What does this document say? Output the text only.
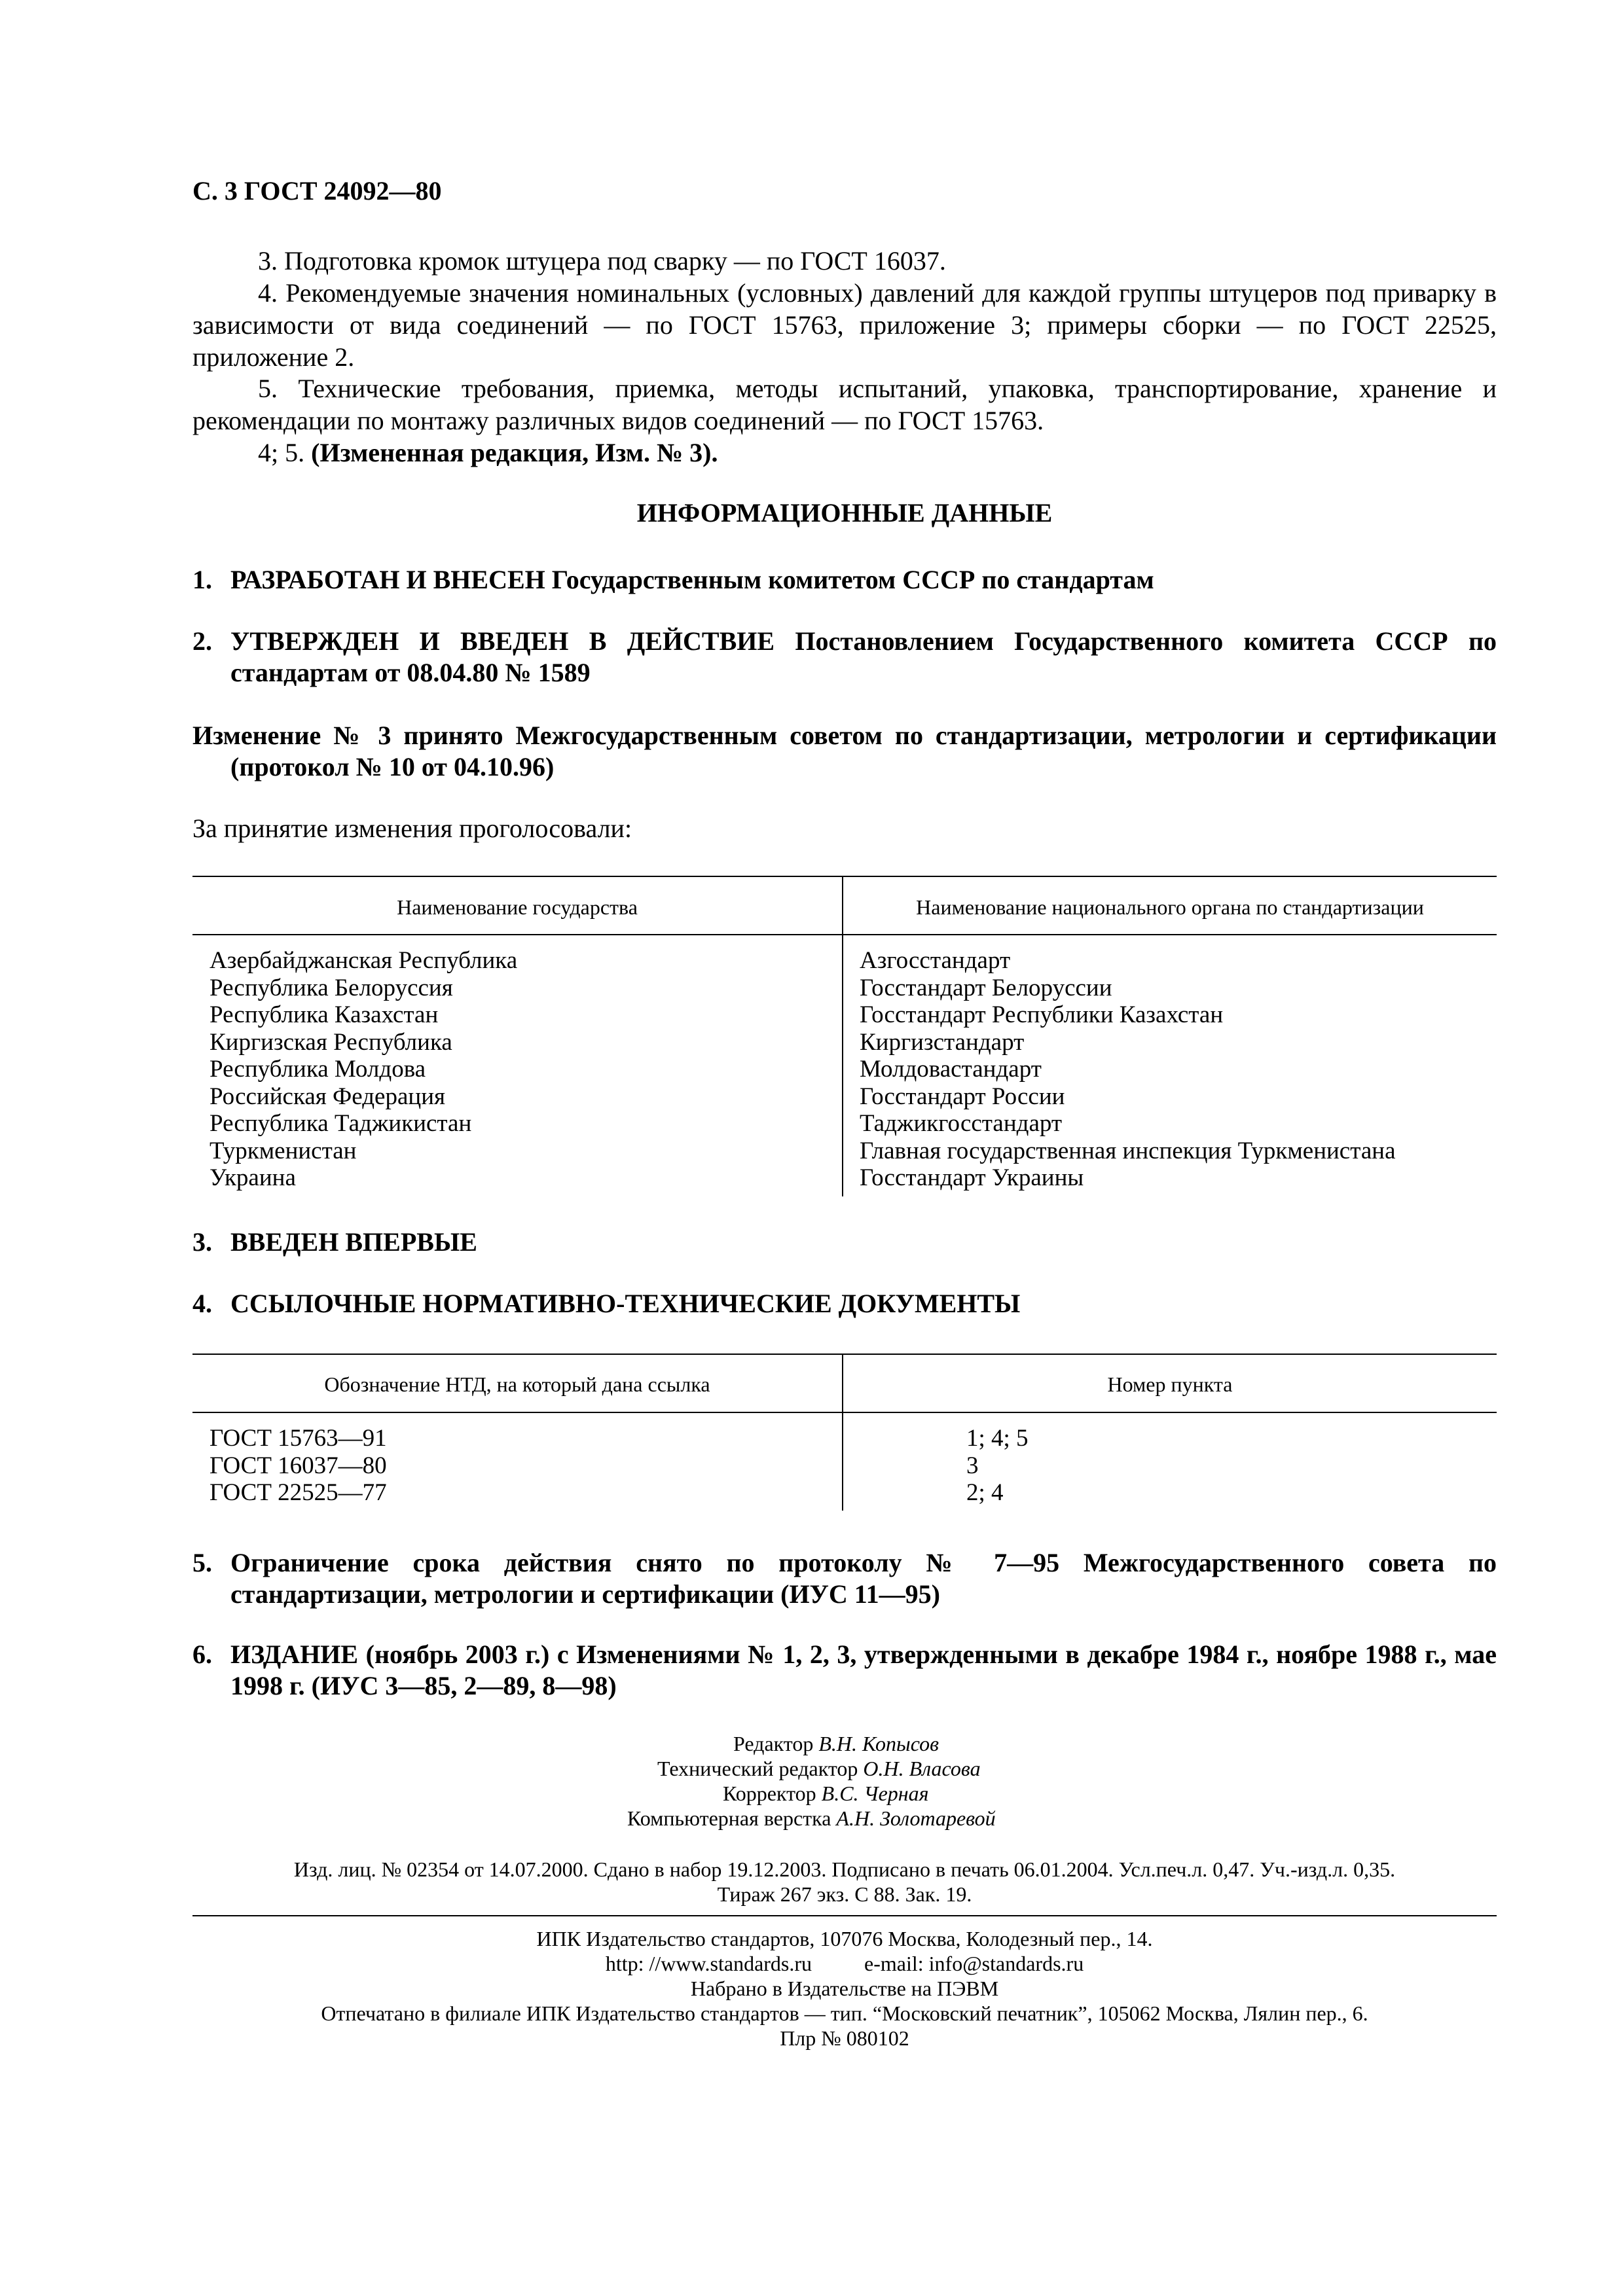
С. 3 ГОСТ 24092—80
3. Подготовка кромок штуцера под сварку — по ГОСТ 16037.
4. Рекомендуемые значения номинальных (условных) давлений для каждой группы штуцеров под приварку в зависимости от вида соединений — по ГОСТ 15763, приложение 3; примеры сборки — по ГОСТ 22525, приложение 2.
5. Технические требования, приемка, методы испытаний, упаковка, транспортирование, хранение и рекомендации по монтажу различных видов соединений — по ГОСТ 15763.
4; 5. (Измененная редакция, Изм. № 3).
ИНФОРМАЦИОННЫЕ ДАННЫЕ
1. РАЗРАБОТАН И ВНЕСЕН Государственным комитетом СССР по стандартам
2. УТВЕРЖДЕН И ВВЕДЕН В ДЕЙСТВИЕ Постановлением Государственного комитета СССР по стандартам от 08.04.80 № 1589
Изменение № 3 принято Межгосударственным советом по стандартизации, метрологии и сертификации (протокол № 10 от 04.10.96)
За принятие изменения проголосовали:
Наименование государства	Наименование национального органа по стандартизации
Азербайджанская Республика
Республика Белоруссия
Республика Казахстан
Киргизская Республика
Республика Молдова
Российская Федерация
Республика Таджикистан
Туркменистан
Украина
Азгосстандарт
Госстандарт Белоруссии
Госстандарт Республики Казахстан
Киргизстандарт
Молдовастандарт
Госстандарт России
Таджикгосстандарт
Главная государственная инспекция Туркменистана
Госстандарт Украины
3. ВВЕДЕН ВПЕРВЫЕ
4. ССЫЛОЧНЫЕ НОРМАТИВНО-ТЕХНИЧЕСКИЕ ДОКУМЕНТЫ
Обозначение НТД, на который дана ссылка	Номер пункта
ГОСТ 15763—91
ГОСТ 16037—80
ГОСТ 22525—77
1; 4; 5
3
2; 4
5. Ограничение срока действия снято по протоколу № 7—95 Межгосударственного совета по стандартизации, метрологии и сертификации (ИУС 11—95)
6. ИЗДАНИЕ (ноябрь 2003 г.) с Изменениями № 1, 2, 3, утвержденными в декабре 1984 г., ноябре 1988 г., мае 1998 г. (ИУС 3—85, 2—89, 8—98)
Редактор В.Н. Копысов
Технический редактор О.Н. Власова
Корректор В.С. Черная
Компьютерная верстка А.Н. Золотаревой
Изд. лиц. № 02354 от 14.07.2000. Сдано в набор 19.12.2003. Подписано в печать 06.01.2004. Усл.печ.л. 0,47. Уч.-изд.л. 0,35.
Тираж 267 экз. С 88. Зак. 19.
ИПК Издательство стандартов, 107076 Москва, Колодезный пер., 14.
http: //www.standards.ru          e-mail: info@standards.ru
Набрано в Издательстве на ПЭВМ
Отпечатано в филиале ИПК Издательство стандартов — тип. “Московский печатник”, 105062 Москва, Лялин пер., 6.
Плр № 080102
